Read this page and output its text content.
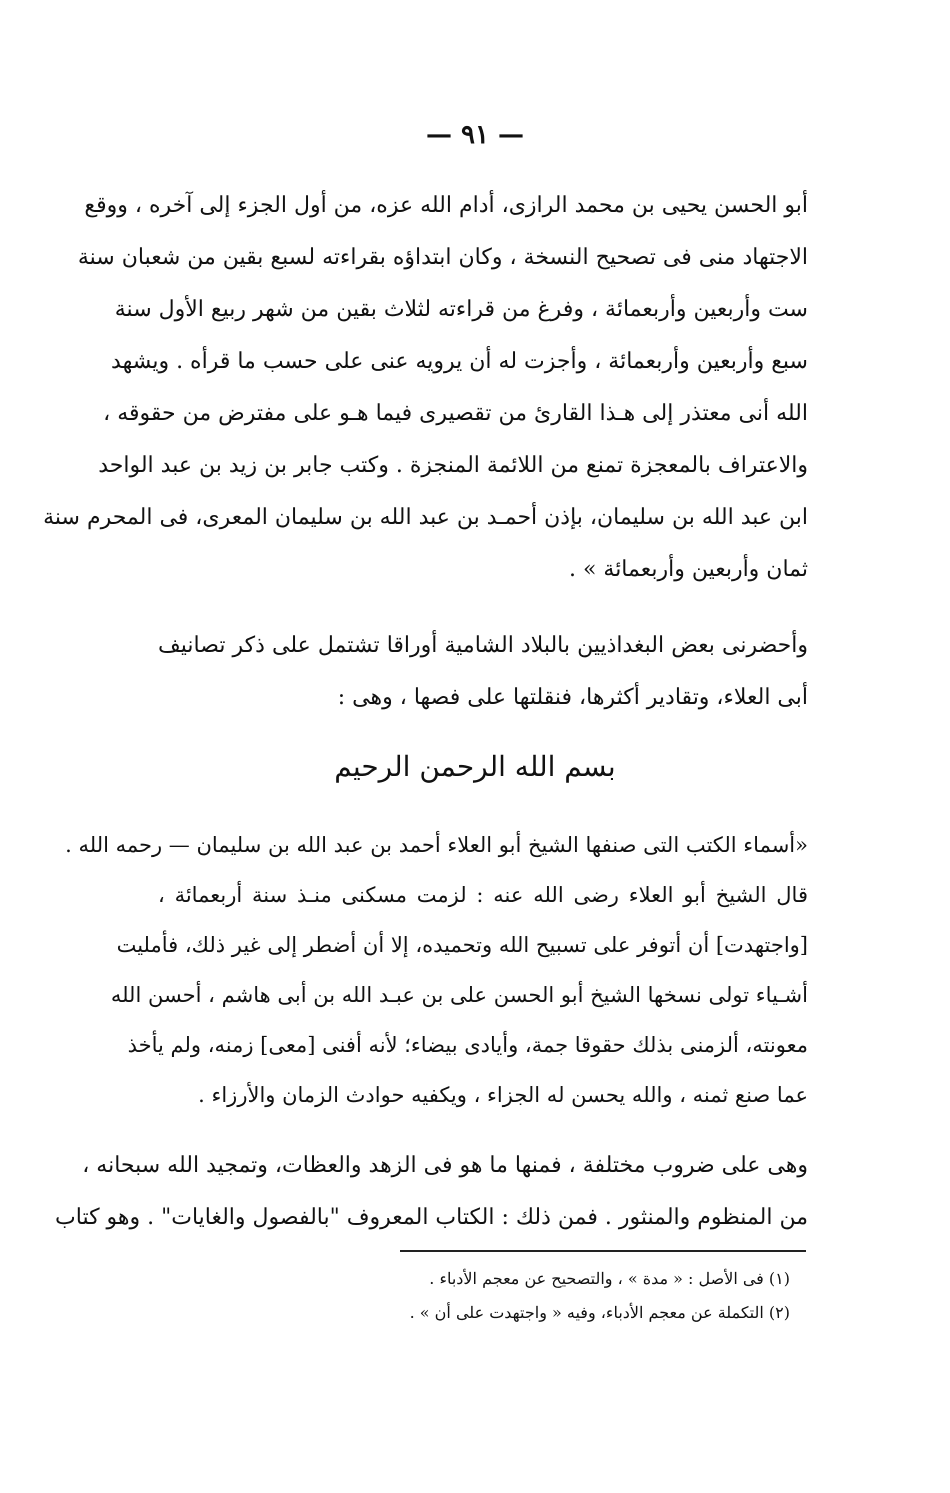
— ٩١ —
أبو الحسن يحيى بن محمد الرازى، أدام الله عزه، من أول الجزء إلى آخره ، ووقع
الاجتهاد منى فى تصحيح النسخة ، وكان ابتداؤه بقراءته لسبع بقين من شعبان سنة
ست وأربعين وأربعمائة ، وفرغ من قراءته لثلاث بقين من شهر ربيع الأول سنة
سبع وأربعين وأربعمائة ، وأجزت له أن يرويه عنى على حسب ما قرأه . ويشهد
الله أنى معتذر إلى هـذا القارئ من تقصيرى فيما هـو على مفترض من حقوقه ،
والاعتراف بالمعجزة تمنع من اللائمة المنجزة . وكتب جابر بن زيد بن عبد الواحد
ابن عبد الله بن سليمان، بإذن أحمـد بن عبد الله بن سليمان المعرى، فى المحرم سنة
ثمان وأربعين وأربعمائة » .
وأحضرنى بعض البغداذيين بالبلاد الشامية أوراقا تشتمل على ذكر تصانيف
أبى العلاء، وتقادير أكثرها، فنقلتها على فصها ، وهى :
بسم الله الرحمن الرحيم
«أسماء الكتب التى صنفها الشيخ أبو العلاء أحمد بن عبد الله بن سليمان — رحمه الله .
قال الشيخ أبو العلاء رضى الله عنه : لزمت مسكنى منـذ سنة أربعمائة ،
[واجتهدت] أن أتوفر على تسبيح الله وتحميده، إلا أن أضطر إلى غير ذلك، فأمليت
أشـياء تولى نسخها الشيخ أبو الحسن على بن عبـد الله بن أبى هاشم ، أحسن الله
معونته، ألزمنى بذلك حقوقا جمة، وأيادى بيضاء؛ لأنه أفنى [معى] زمنه، ولم يأخذ
عما صنع ثمنه ، والله يحسن له الجزاء ، ويكفيه حوادث الزمان والأرزاء .
وهى على ضروب مختلفة ، فمنها ما هو فى الزهد والعظات، وتمجيد الله سبحانه ،
من المنظوم والمنثور . فمن ذلك : الكتاب المعروف "بالفصول والغايات" . وهو كتاب
(١) فى الأصل : « مدة » ، والتصحيح عن معجم الأدباء .
(٢) التكملة عن معجم الأدباء، وفيه « واجتهدت على أن » .
